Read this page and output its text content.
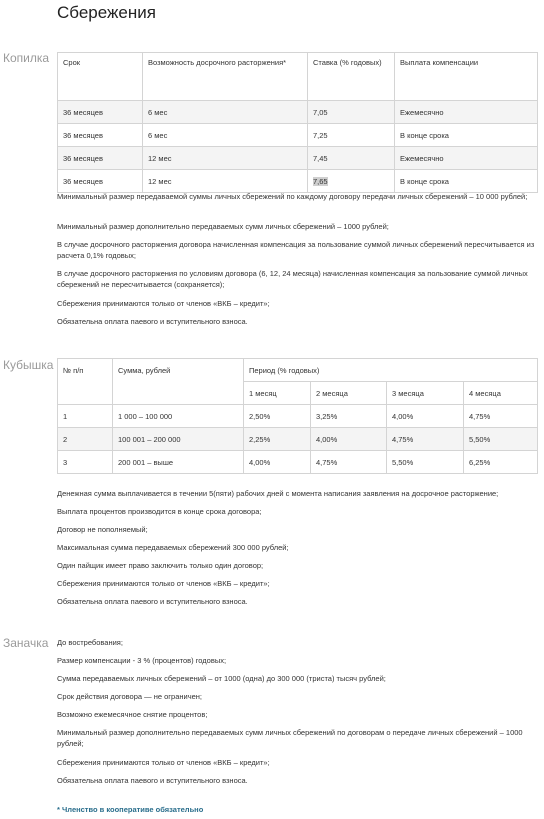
Сбережения
Копилка Срок	Возможность досрочного расторжения*	Ставка (% годовых)	Выплата компенсации
36 месяцев	6 мес	7,05	Ежемесячно
36 месяцев	6 мес	7,25	В конце срока
36 месяцев	12 мес	7,45	Ежемесячно
36 месяцев	12 мес	7,65	В конце срока

Минимальный размер передаваемой суммы личных сбережений по каждому договору передачи личных сбережений – 10 000 рублей;

Минимальный размер дополнительно передаваемых сумм личных сбережений – 1000 рублей;

В случае досрочного расторжения договора начисленная компенсация за пользование суммой личных сбережений пересчитывается из расчета 0,1% годовых;

В случае досрочного расторжения по условиям договора (6, 12, 24 месяца) начисленная компенсация за пользование суммой личных сбережений не пересчитывается (сохраняется);

Сбережения принимаются только от членов «ВКБ – кредит»;

Обязательна оплата паевого и вступительного взноса.

Кубышка № п/п	Сумма, рублей	Период (% годовых)			
		1 месяц	2 месяца	3 месяца	4 месяца
1	1 000 – 100 000	2,50%	3,25%	4,00%	4,75%
2	100 001 – 200 000	2,25%	4,00%	4,75%	5,50%
3	200 001 – выше	4,00%	4,75%	5,50%	6,25%

Денежная сумма выплачивается в течении 5(пяти) рабочих дней с момента написания заявления на досрочное расторжение;

Выплата процентов производится в конце срока договора;

Договор не пополняемый;

Максимальная сумма передаваемых сбережений 300 000 рублей;

Один пайщик имеет право заключить только один договор;

Сбережения принимаются только от членов «ВКБ – кредит»;

Обязательна оплата паевого и вступительного взноса.

Заначка До востребования;

Размер компенсации - 3 % (процентов) годовых;

Сумма передаваемых личных сбережений – от 1000 (одна) до 300 000 (триста) тысяч рублей;

Срок действия договора — не ограничен;

Возможно ежемесячное снятие процентов;

Минимальный размер дополнительно передаваемых сумм личных сбережений по договорам о передаче личных сбережений – 1000 рублей;

Сбережения принимаются только от членов «ВКБ – кредит»;

Обязательна оплата паевого и вступительного взноса.

* Членство в кооперативе обязательно
